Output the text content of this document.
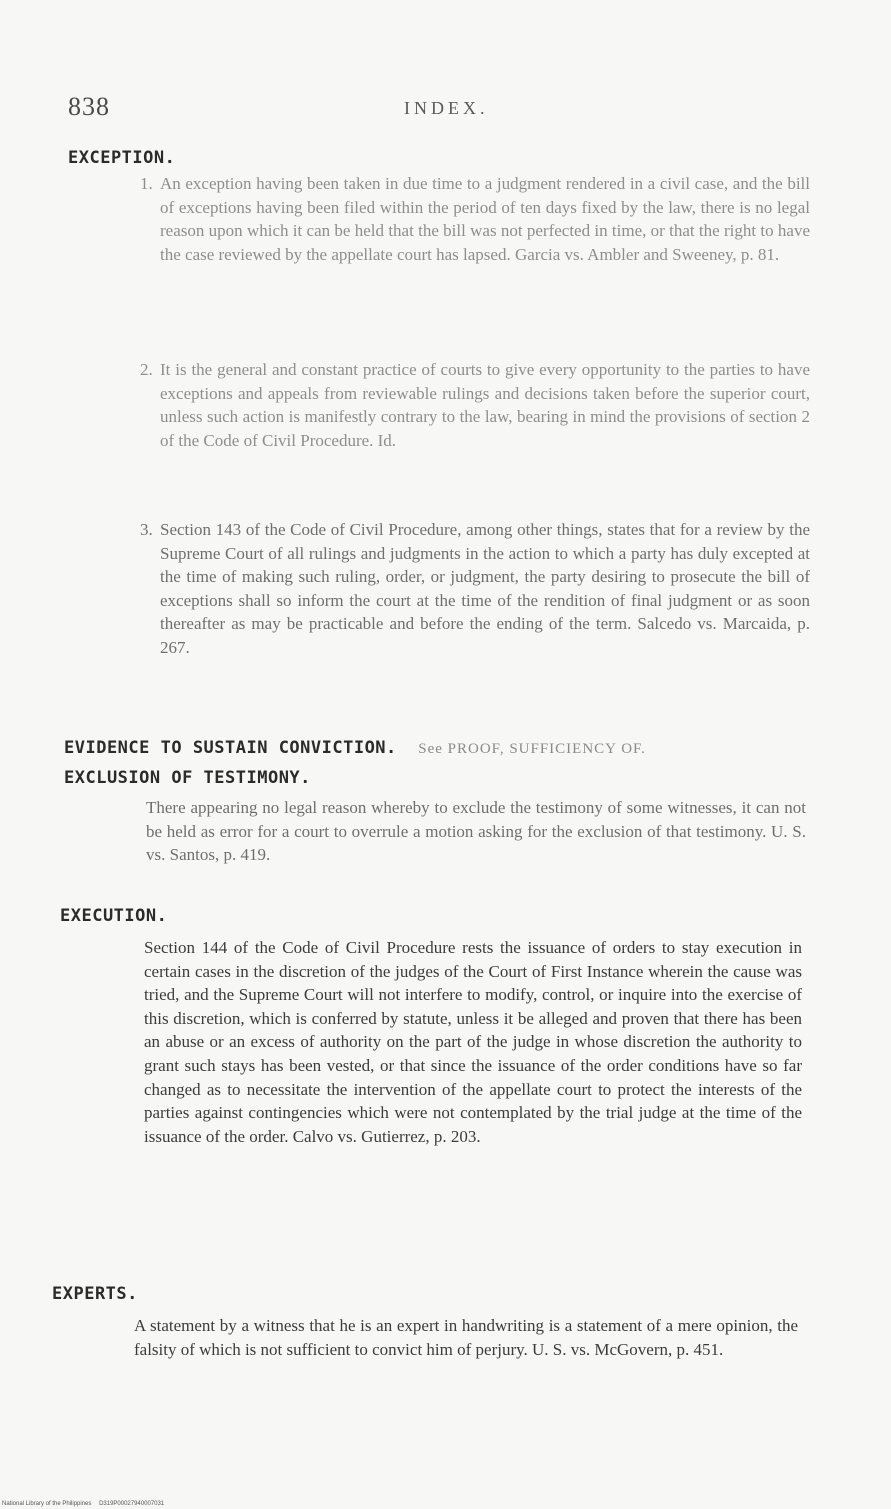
838	INDEX.
EXCEPTION.
1. An exception having been taken in due time to a judgment rendered in a civil case, and the bill of exceptions having been filed within the period of ten days fixed by the law, there is no legal reason upon which it can be held that the bill was not perfected in time, or that the right to have the case reviewed by the appellate court has lapsed. Garcia vs. Ambler and Sweeney, p. 81.
2. It is the general and constant practice of courts to give every opportunity to the parties to have exceptions and appeals from reviewable rulings and decisions taken before the superior court, unless such action is manifestly contrary to the law, bearing in mind the provisions of section 2 of the Code of Civil Procedure. Id.
3. Section 143 of the Code of Civil Procedure, among other things, states that for a review by the Supreme Court of all rulings and judgments in the action to which a party has duly excepted at the time of making such ruling, order, or judgment, the party desiring to prosecute the bill of exceptions shall so inform the court at the time of the rendition of final judgment or as soon thereafter as may be practicable and before the ending of the term. Salcedo vs. Marcaida, p. 267.
EVIDENCE TO SUSTAIN CONVICTION. See PROOF, SUFFICIENCY OF.
EXCLUSION OF TESTIMONY.
There appearing no legal reason whereby to exclude the testimony of some witnesses, it can not be held as error for a court to overrule a motion asking for the exclusion of that testimony. U. S. vs. Santos, p. 419.
EXECUTION.
Section 144 of the Code of Civil Procedure rests the issuance of orders to stay execution in certain cases in the discretion of the judges of the Court of First Instance wherein the cause was tried, and the Supreme Court will not interfere to modify, control, or inquire into the exercise of this discretion, which is conferred by statute, unless it be alleged and proven that there has been an abuse or an excess of authority on the part of the judge in whose discretion the authority to grant such stays has been vested, or that since the issuance of the order conditions have so far changed as to necessitate the intervention of the appellate court to protect the interests of the parties against contingencies which were not contemplated by the trial judge at the time of the issuance of the order. Calvo vs. Gutierrez, p. 203.
EXPERTS.
A statement by a witness that he is an expert in handwriting is a statement of a mere opinion, the falsity of which is not sufficient to convict him of perjury. U. S. vs. McGovern, p. 451.
National Library of the Philippines D319P00027940007031
